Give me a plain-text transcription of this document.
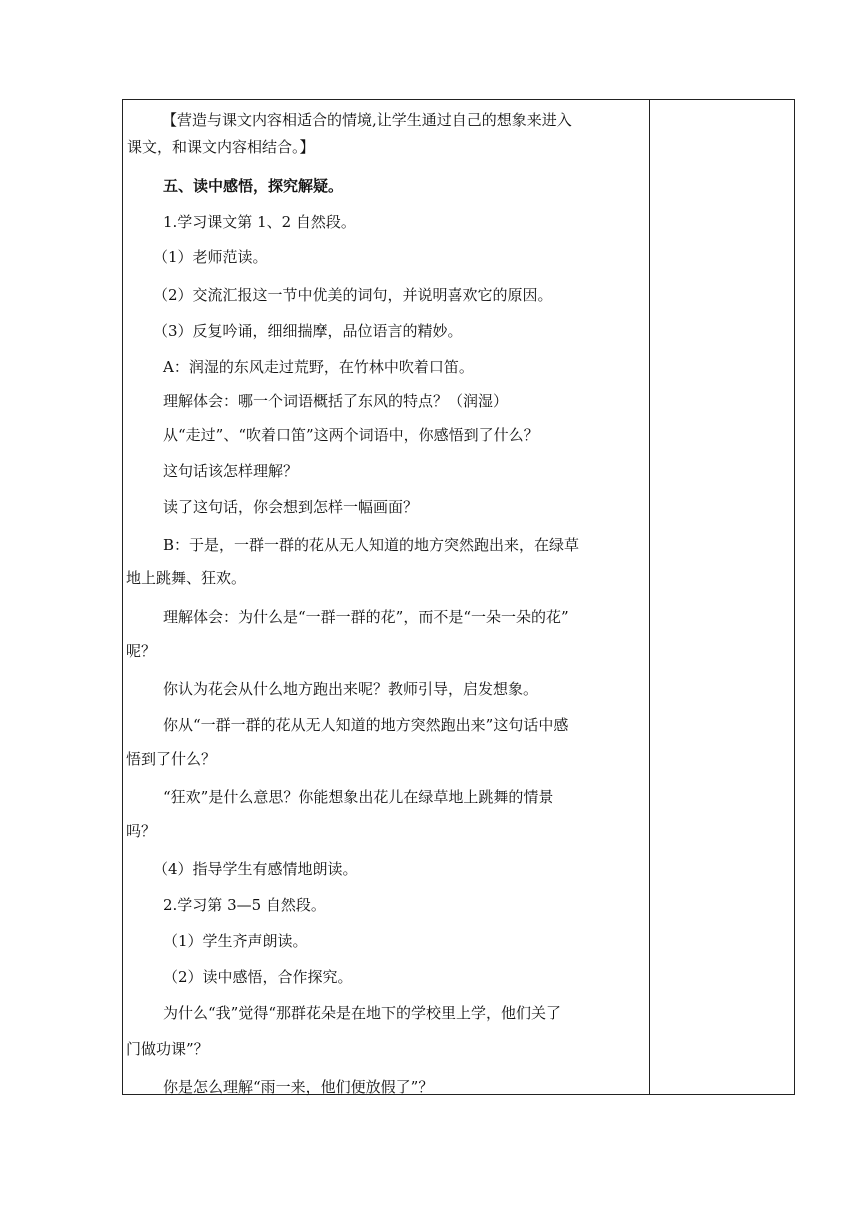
【营造与课文内容相适合的情境,让学生通过自己的想象来进入
课文，和课文内容相结合。】
五、读中感悟，探究解疑。
1.学习课文第 1、2 自然段。
（1）老师范读。
（2）交流汇报这一节中优美的词句，并说明喜欢它的原因。
（3）反复吟诵，细细揣摩，品位语言的精妙。
A：润湿的东风走过荒野，在竹林中吹着口笛。
理解体会：哪一个词语概括了东风的特点？（润湿）
从“走过”、“吹着口笛”这两个词语中，你感悟到了什么？
这句话该怎样理解？
读了这句话，你会想到怎样一幅画面？
B：于是，一群一群的花从无人知道的地方突然跑出来，在绿草
地上跳舞、狂欢。
理解体会：为什么是“一群一群的花”，而不是“一朵一朵的花”
呢？
你认为花会从什么地方跑出来呢？教师引导，启发想象。
你从“一群一群的花从无人知道的地方突然跑出来”这句话中感
悟到了什么？
“狂欢”是什么意思？你能想象出花儿在绿草地上跳舞的情景
吗？
（4）指导学生有感情地朗读。
2.学习第 3—5 自然段。
（1）学生齐声朗读。
（2）读中感悟，合作探究。
为什么“我”觉得“那群花朵是在地下的学校里上学，他们关了
门做功课”？
你是怎么理解“雨一来，他们便放假了”？
